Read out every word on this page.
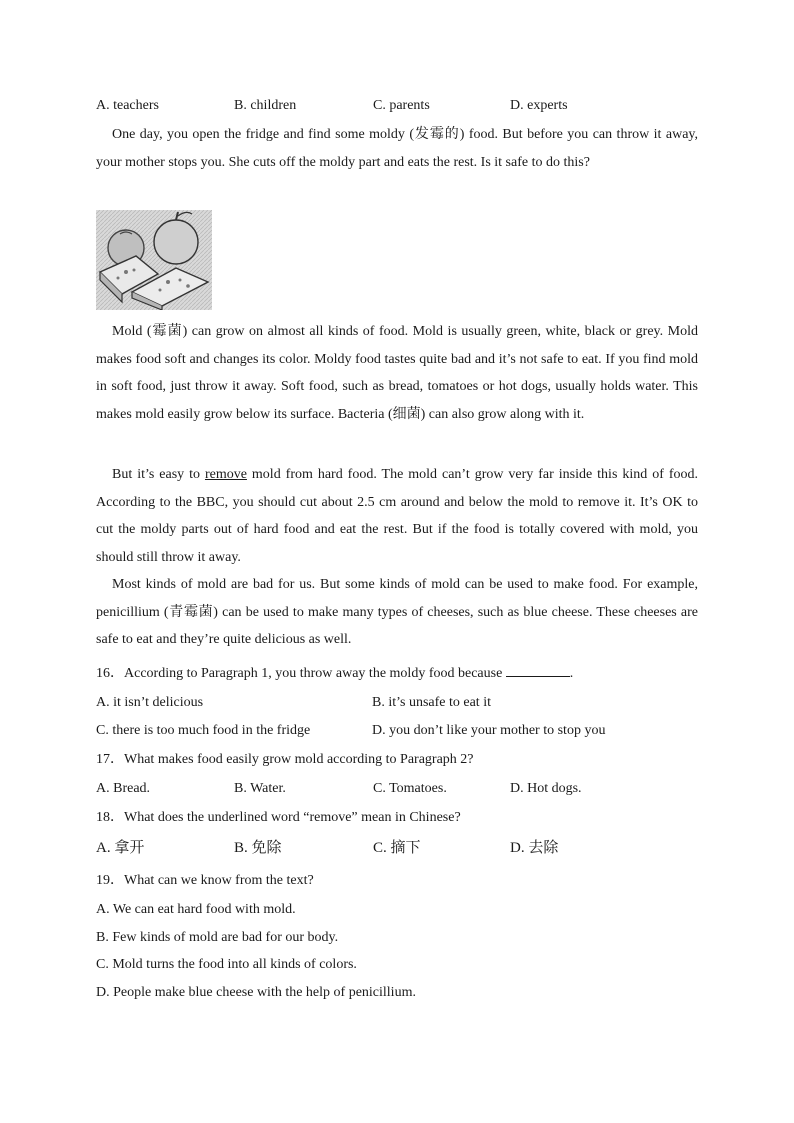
A. teachers	B. children	C. parents	D. experts

One day, you open the fridge and find some moldy (发霉的) food. But before you can throw it away, your mother stops you. She cuts off the moldy part and eats the rest. Is it safe to do this?

Mold (霉菌) can grow on almost all kinds of food. Mold is usually green, white, black or grey. Mold makes food soft and changes its color. Moldy food tastes quite bad and it’s not safe to eat. If you find mold in soft food, just throw it away. Soft food, such as bread, tomatoes or hot dogs, usually holds water. This makes mold easily grow below its surface. Bacteria (细菌) can also grow along with it.

But it’s easy to remove mold from hard food. The mold can’t grow very far inside this kind of food. According to the BBC, you should cut about 2.5 cm around and below the mold to remove it. It’s OK to cut the moldy parts out of hard food and eat the rest. But if the food is totally covered with mold, you should still throw it away.

Most kinds of mold are bad for us. But some kinds of mold can be used to make food. For example, penicillium (青霉菌) can be used to make many types of cheeses, such as blue cheese. These cheeses are safe to eat and they’re quite delicious as well.

16．According to Paragraph 1, you throw away the moldy food because	.
A. it isn’t delicious	B. it’s unsafe to eat it
C. there is too much food in the fridge	D. you don’t like your mother to stop you
17．What makes food easily grow mold according to Paragraph 2?
A. Bread.	B. Water.	C. Tomatoes.	D. Hot dogs.
18．What does the underlined word “remove” mean in Chinese?
A. 拿开	B. 免除	C. 摘下	D. 去除
19．What can we know from the text?
A. We can eat hard food with mold.
B. Few kinds of mold are bad for our body.
C. Mold turns the food into all kinds of colors.
D. People make blue cheese with the help of penicillium.
